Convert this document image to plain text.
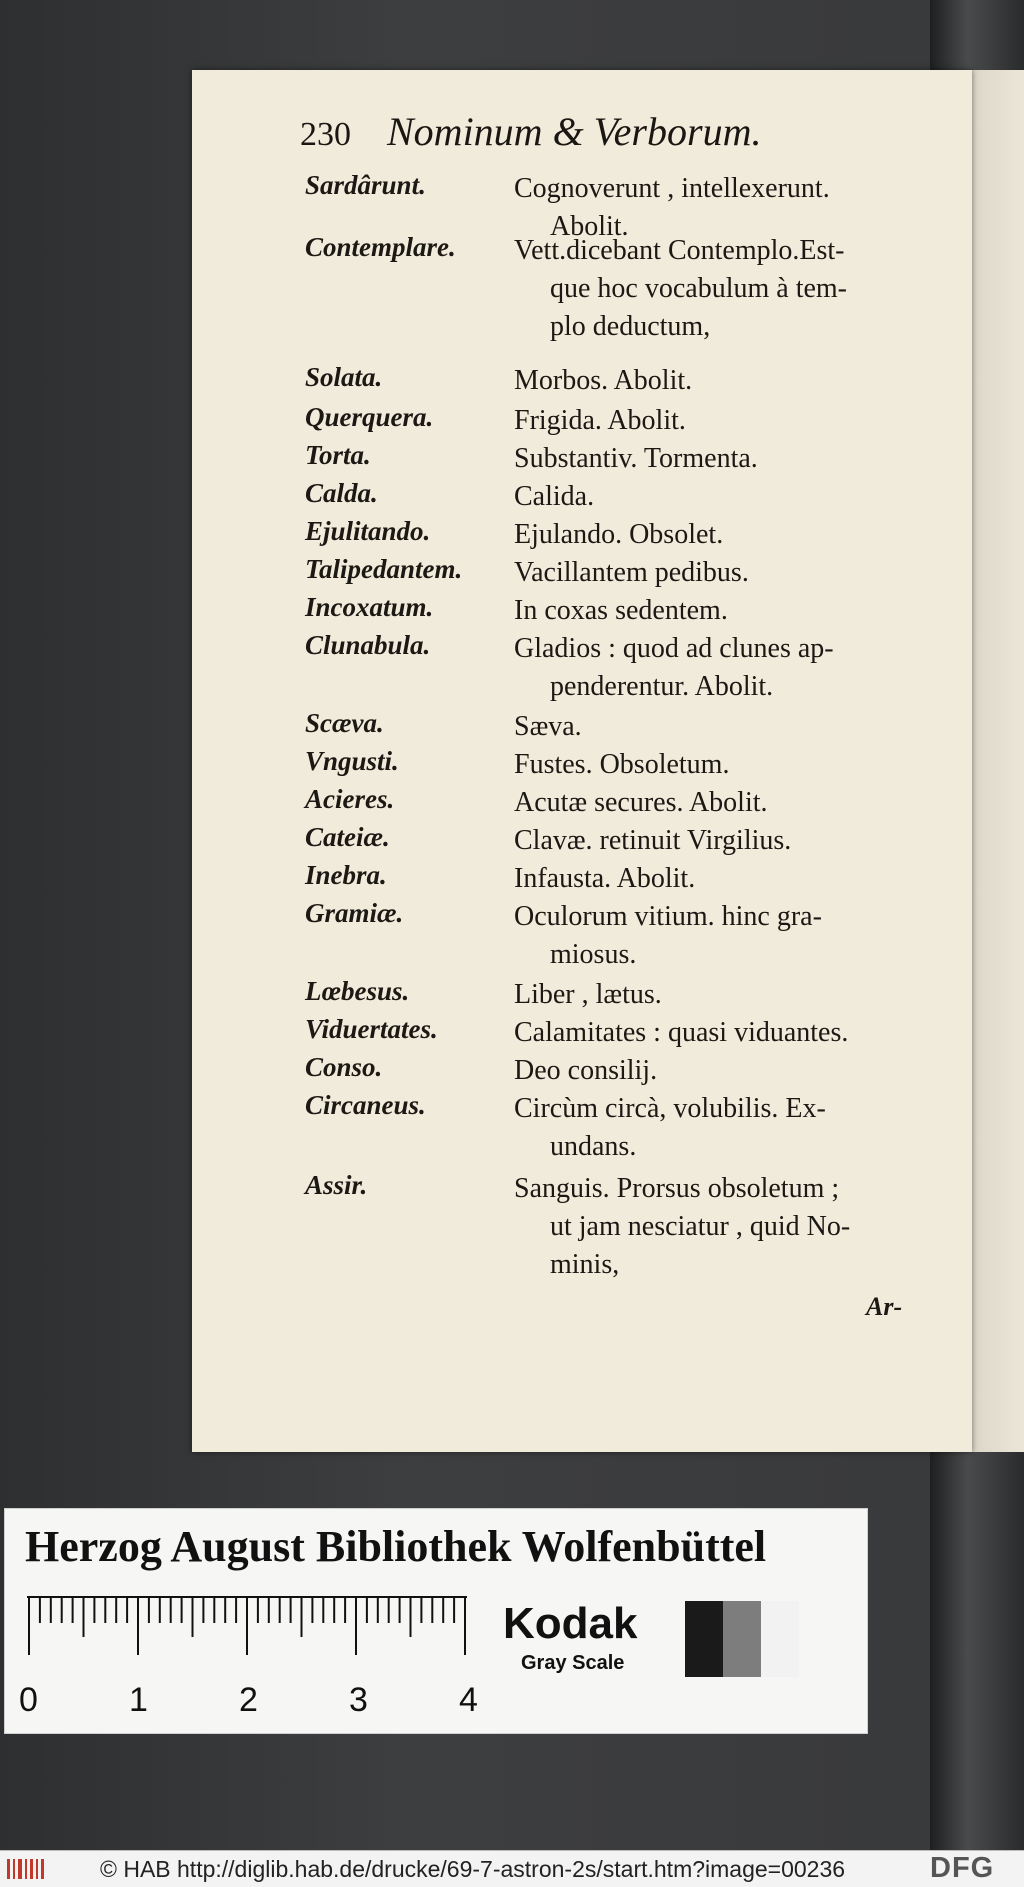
230 Nominum & Verborum.
Sardârunt.	Cognoverunt , intellexerunt.
Abolit.
Contemplare. Vett.dicebant Contemplo.Est-
que hoc vocabulum à tem-
plo deductum,
Solata.	Morbos. Abolit.
Querquera.	Frigida. Abolit.
Torta.	Substantiv. Tormenta.
Calda.	Calida.
Ejulitando.	Ejulando. Obsolet.
Talipedantem. Vacillantem pedibus.
Incoxatum.	In coxas sedentem.
Clunabula.	Gladios : quod ad clunes ap-
penderentur. Abolit.
Scæva.	Sæva.
Vngusti.	Fustes. Obsoletum.
Acieres.	Acutæ secures. Abolit.
Cateiæ.	Clavæ. retinuit Virgilius.
Inebra.	Infausta. Abolit.
Gramiæ.	Oculorum vitium. hinc gra-
miosus.
Lœbesus.	Liber , lætus.
Viduertates.	Calamitates : quasi viduantes.
Conso.	Deo consilij.
Circaneus.	Circùm circà, volubilis. Ex-
undans.
Assir.	Sanguis. Prorsus obsoletum ;
ut jam nesciatur , quid No-
minis,
Ar-
Herzog August Bibliothek Wolfenbüttel
0	1	2	3	4
Kodak
Gray Scale
© HAB http://diglib.hab.de/drucke/69-7-astron-2s/start.htm?image=00236	DFG
